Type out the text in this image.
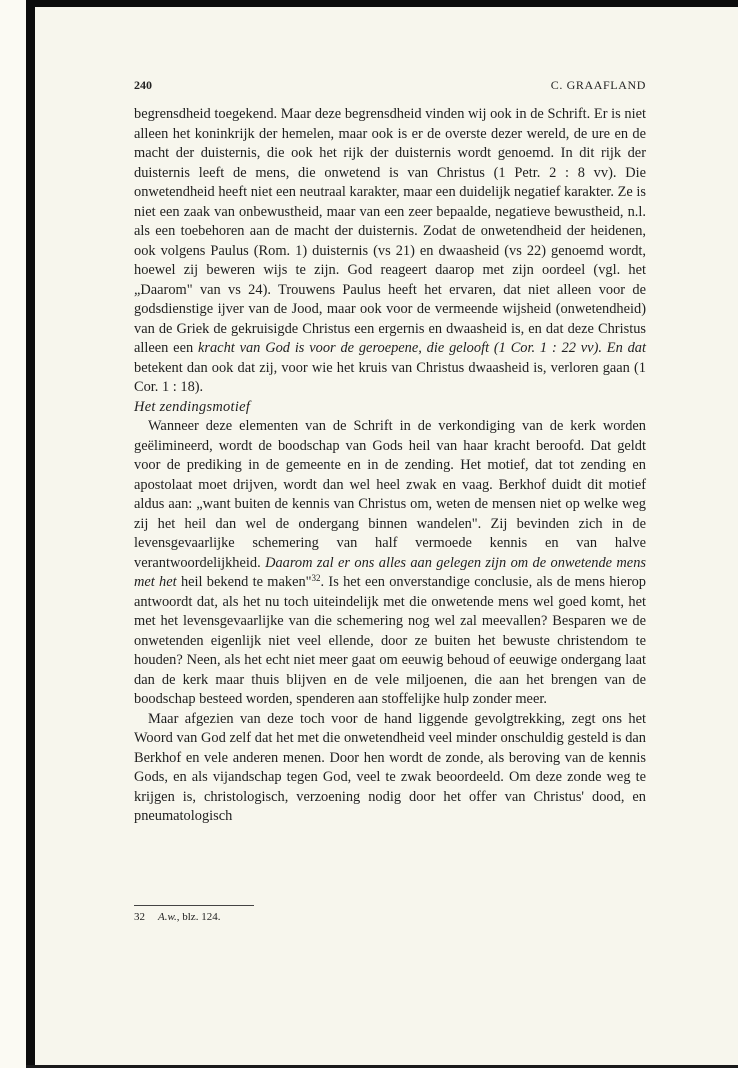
240	C. GRAAFLAND

begrensdheid toegekend. Maar deze begrensdheid vinden wij ook in de Schrift. Er is niet alleen het koninkrijk der hemelen, maar ook is er de overste dezer wereld, de ure en de macht der duisternis, die ook het rijk der duisternis wordt genoemd. In dit rijk der duisternis leeft de mens, die onwetend is van Christus (1 Petr. 2 : 8 vv). Die onwetendheid heeft niet een neutraal karakter, maar een duidelijk negatief karakter. Ze is niet een zaak van onbewustheid, maar van een zeer bepaalde, negatieve bewustheid, n.l. als een toebehoren aan de macht der duisternis. Zodat de onwetendheid der heidenen, ook volgens Paulus (Rom. 1) duisternis (vs 21) en dwaasheid (vs 22) genoemd wordt, hoewel zij beweren wijs te zijn. God reageert daarop met zijn oordeel (vgl. het „Daarom" van vs 24). Trouwens Paulus heeft het ervaren, dat niet alleen voor de godsdienstige ijver van de Jood, maar ook voor de vermeende wijsheid (onwetendheid) van de Griek de gekruisigde Christus een ergernis en dwaasheid is, en dat deze Christus alleen een kracht van God is voor de geroepene, die gelooft (1 Cor. 1 : 22 vv). En dat betekent dan ook dat zij, voor wie het kruis van Christus dwaasheid is, verloren gaan (1 Cor. 1 : 18).

Het zendingsmotief

Wanneer deze elementen van de Schrift in de verkondiging van de kerk worden geëlimineerd, wordt de boodschap van Gods heil van haar kracht beroofd. Dat geldt voor de prediking in de gemeente en in de zending. Het motief, dat tot zending en apostolaat moet drijven, wordt dan wel heel zwak en vaag. Berkhof duidt dit motief aldus aan: „want buiten de kennis van Christus om, weten de mensen niet op welke weg zij het heil dan wel de ondergang binnen wandelen". Zij bevinden zich in de levensgevaarlijke schemering van half vermoede kennis en van halve verantwoordelijkheid. Daarom zal er ons alles aan gelegen zijn om de onwetende mens met het heil bekend te maken"$^{32}$. Is het een onverstandige conclusie, als de mens hierop antwoordt dat, als het nu toch uiteindelijk met die onwetende mens wel goed komt, het met het levensgevaarlijke van die schemering nog wel zal meevallen? Besparen we de onwetenden eigenlijk niet veel ellende, door ze buiten het bewuste christendom te houden? Neen, als het echt niet meer gaat om eeuwig behoud of eeuwige ondergang laat dan de kerk maar thuis blijven en de vele miljoenen, die aan het brengen van de boodschap besteed worden, spenderen aan stoffelijke hulp zonder meer.

Maar afgezien van deze toch voor de hand liggende gevolgtrekking, zegt ons het Woord van God zelf dat het met die onwetendheid veel minder onschuldig gesteld is dan Berkhof en vele anderen menen. Door hen wordt de zonde, als beroving van de kennis Gods, en als vijandschap tegen God, veel te zwak beoordeeld. Om deze zonde weg te krijgen is, christologisch, verzoening nodig door het offer van Christus' dood, en pneumatologisch

32 A.w., blz. 124.
